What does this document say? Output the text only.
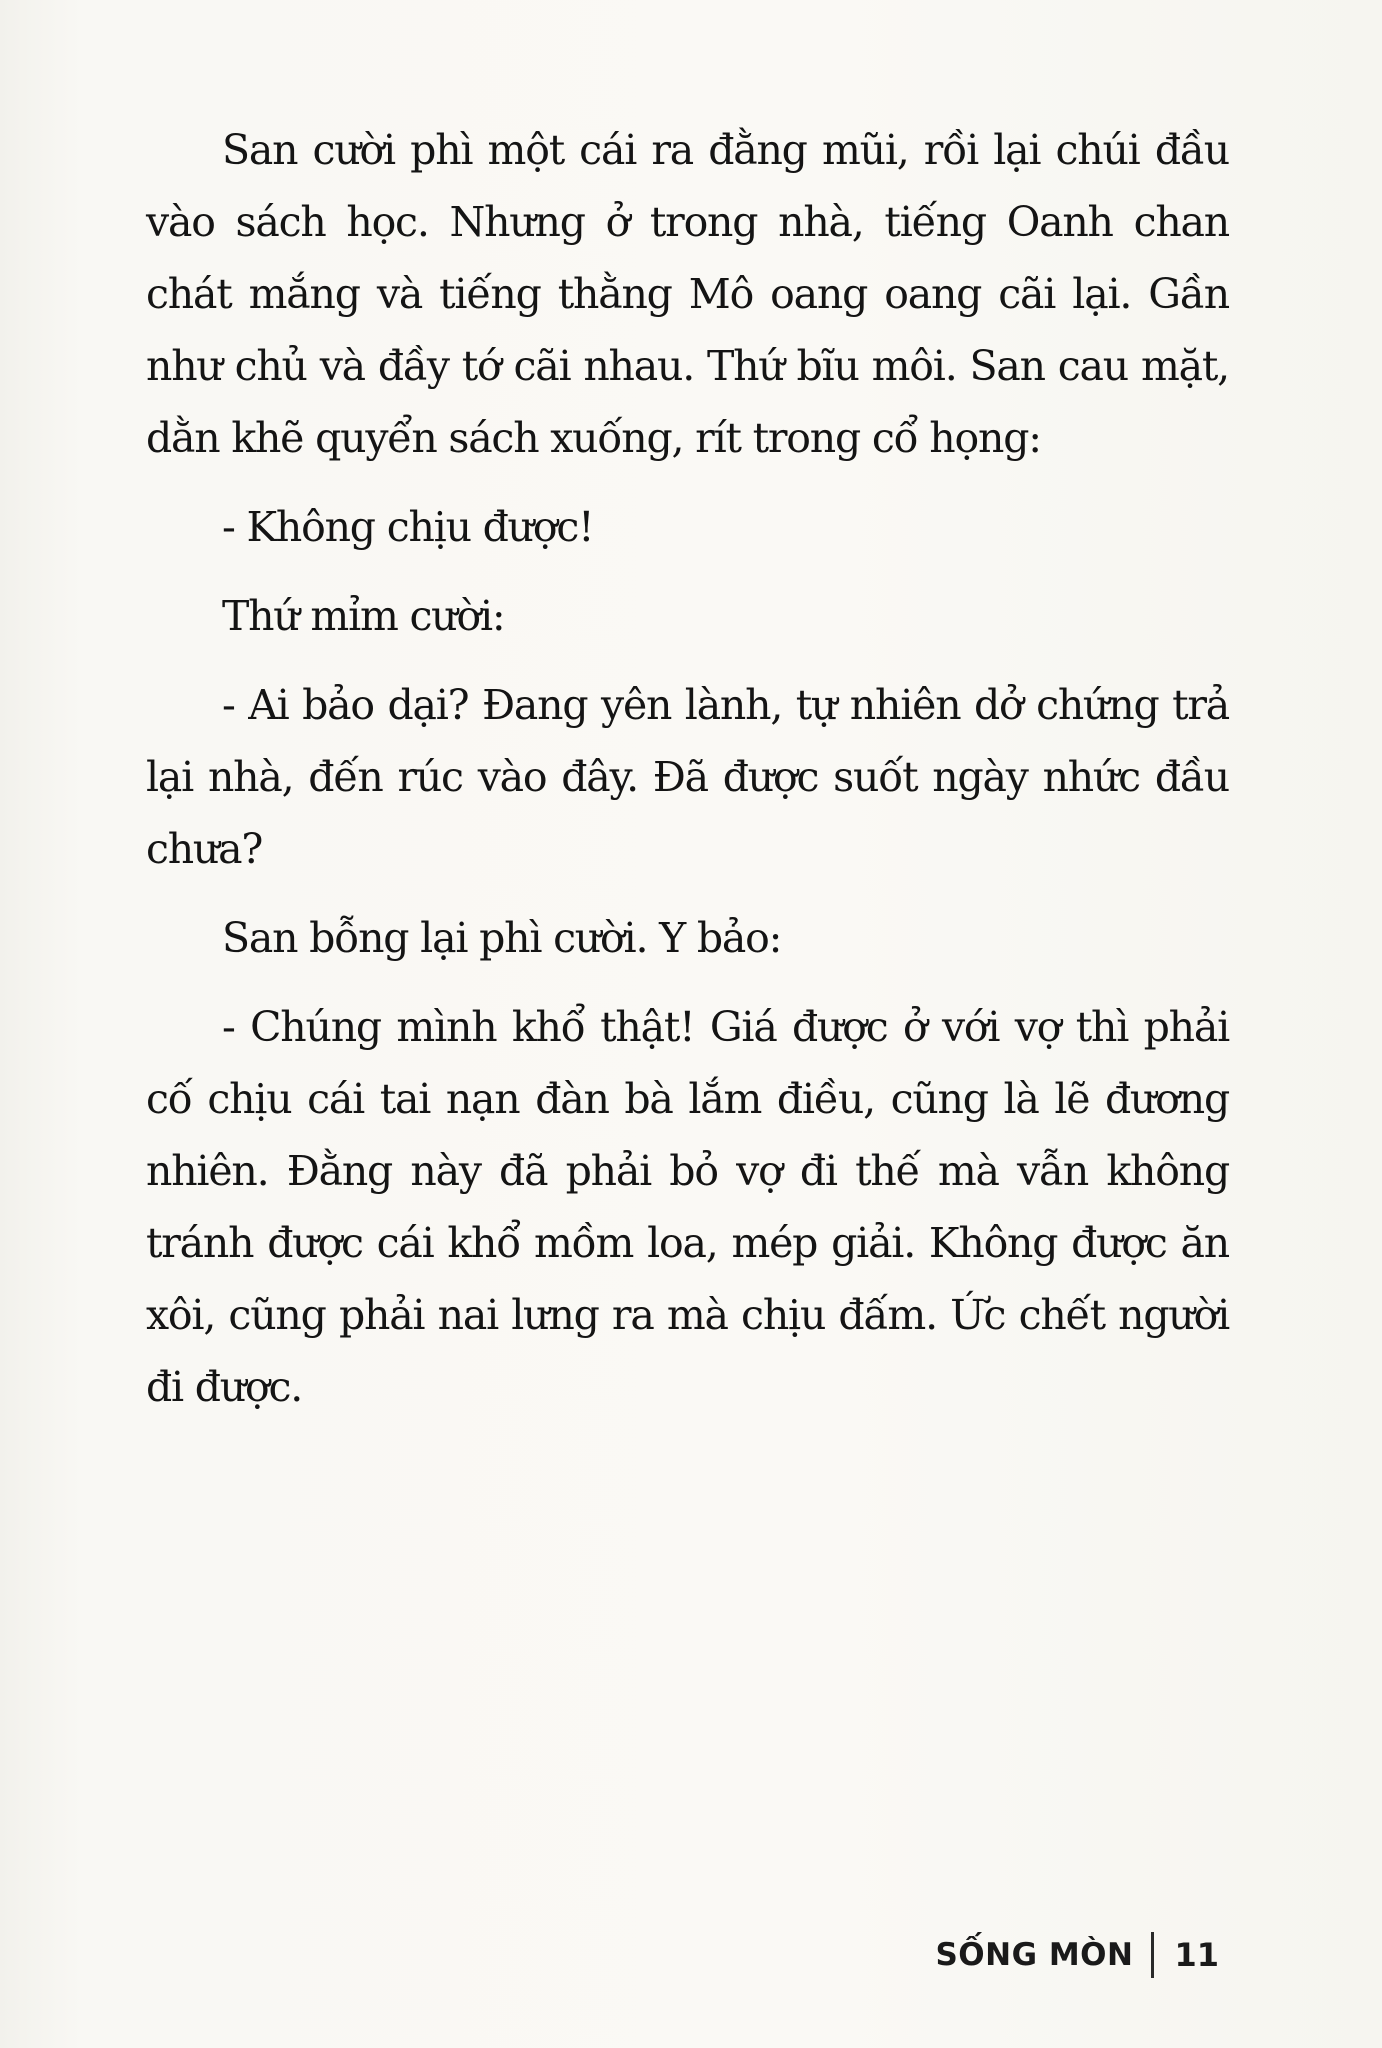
San cười phì một cái ra đằng mũi, rồi lại chúi đầu vào sách học. Nhưng ở trong nhà, tiếng Oanh chan chát mắng và tiếng thằng Mô oang oang cãi lại. Gần như chủ và đầy tớ cãi nhau. Thứ bĩu môi. San cau mặt, dằn khẽ quyển sách xuống, rít trong cổ họng:

- Không chịu được!

Thứ mỉm cười:

- Ai bảo dại? Đang yên lành, tự nhiên dở chứng trả lại nhà, đến rúc vào đây. Đã được suốt ngày nhức đầu chưa?

San bỗng lại phì cười. Y bảo:

- Chúng mình khổ thật! Giá được ở với vợ thì phải cố chịu cái tai nạn đàn bà lắm điều, cũng là lẽ đương nhiên. Đằng này đã phải bỏ vợ đi thế mà vẫn không tránh được cái khổ mồm loa, mép giải. Không được ăn xôi, cũng phải nai lưng ra mà chịu đấm. Ức chết người đi được.

SỐNG MÒN 11
